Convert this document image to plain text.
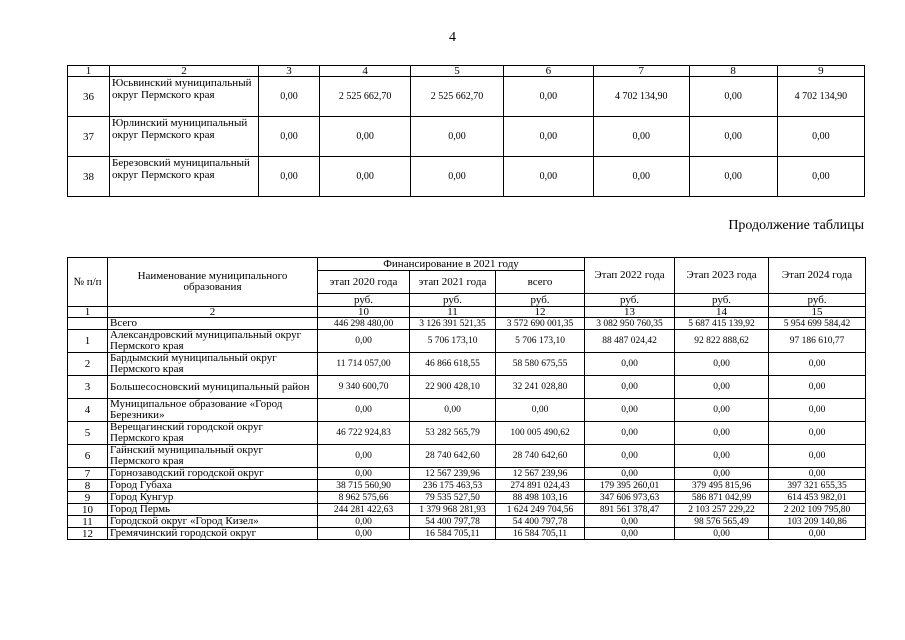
4
1	2	3	4	5	6	7	8	9
36	Юсьвинский муниципальный округ Пермского края	0,00	2 525 662,70	2 525 662,70	0,00	4 702 134,90	0,00	4 702 134,90
37	Юрлинский муниципальный округ Пермского края	0,00	0,00	0,00	0,00	0,00	0,00	0,00
38	Березовский муниципальный округ Пермского края	0,00	0,00	0,00	0,00	0,00	0,00	0,00
Продолжение таблицы
№ п/п	Наименование муниципального образования	Финансирование в 2021 году			Этап 2022 года	Этап 2023 года	Этап 2024 года
		этап 2020 года	этап 2021 года	всего			
		руб.	руб.	руб.	руб.	руб.	руб.
1	2	10	11	12	13	14	15
	Всего	446 298 480,00	3 126 391 521,35	3 572 690 001,35	3 082 950 760,35	5 687 415 139,92	5 954 699 584,42
1	Александровский муниципальный округ Пермского края	0,00	5 706 173,10	5 706 173,10	88 487 024,42	92 822 888,62	97 186 610,77
2	Бардымский муниципальный округ Пермского края	11 714 057,00	46 866 618,55	58 580 675,55	0,00	0,00	0,00
3	Большесосновский муниципальный район	9 340 600,70	22 900 428,10	32 241 028,80	0,00	0,00	0,00
4	Муниципальное образование «Город Березники»	0,00	0,00	0,00	0,00	0,00	0,00
5	Верещагинский городской округ Пермского края	46 722 924,83	53 282 565,79	100 005 490,62	0,00	0,00	0,00
6	Гайнский муниципальный округ Пермского края	0,00	28 740 642,60	28 740 642,60	0,00	0,00	0,00
7	Горнозаводский городской округ	0,00	12 567 239,96	12 567 239,96	0,00	0,00	0,00
8	Город Губаха	38 715 560,90	236 175 463,53	274 891 024,43	179 395 260,01	379 495 815,96	397 321 655,35
9	Город Кунгур	8 962 575,66	79 535 527,50	88 498 103,16	347 606 973,63	586 871 042,99	614 453 982,01
10	Город Пермь	244 281 422,63	1 379 968 281,93	1 624 249 704,56	891 561 378,47	2 103 257 229,22	2 202 109 795,80
11	Городской округ «Город Кизел»	0,00	54 400 797,78	54 400 797,78	0,00	98 576 565,49	103 209 140,86
12	Гремячинский городской округ	0,00	16 584 705,11	16 584 705,11	0,00	0,00	0,00
